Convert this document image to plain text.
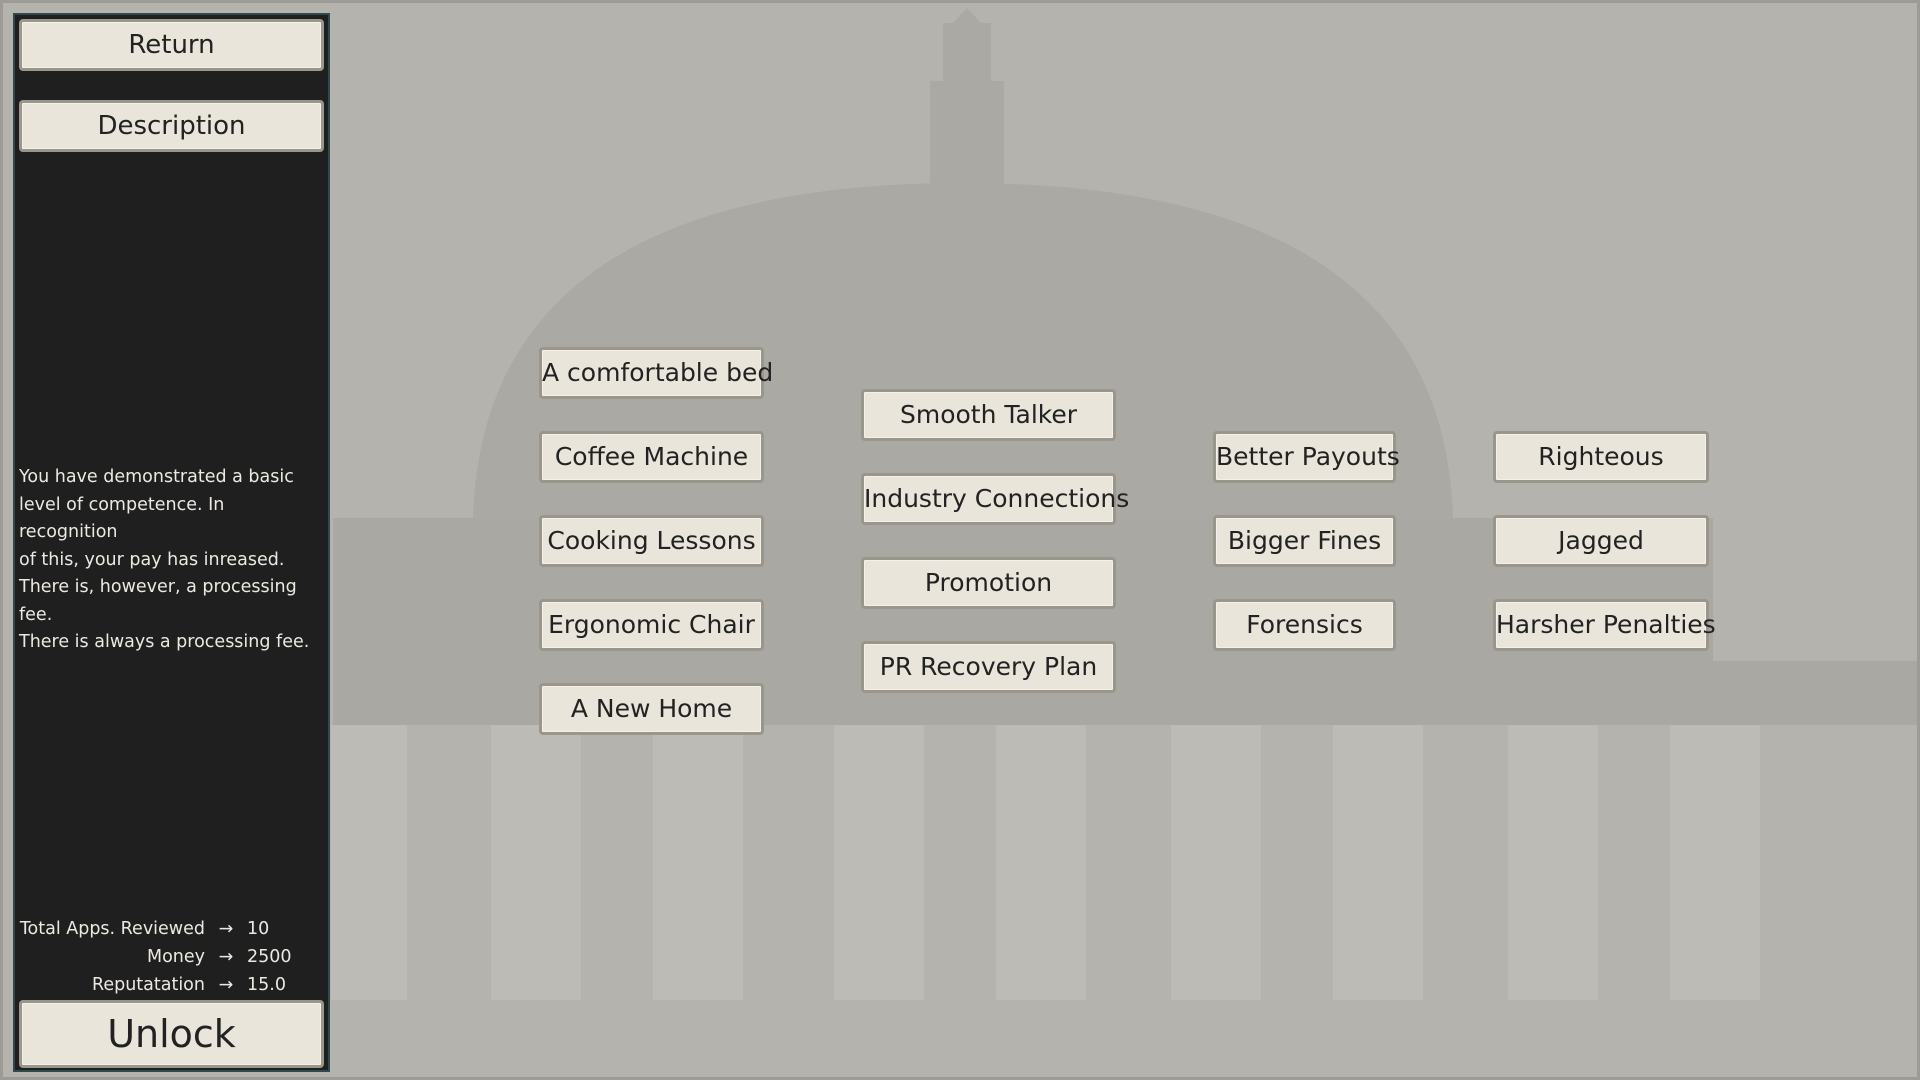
Return
Description
You have demonstrated a basic
level of competence. In recognition
of this, your pay has inreased.
There is, however, a processing fee.
There is always a processing fee.
Total Apps. Reviewed → 10
Money → 2500
Reputatation → 15.0
Unlock
A comfortable bed
Coffee Machine
Cooking Lessons
Ergonomic Chair
A New Home
Smooth Talker
Industry Connections
Promotion
PR Recovery Plan
Better Payouts
Bigger Fines
Forensics
Righteous
Jagged
Harsher Penalties
